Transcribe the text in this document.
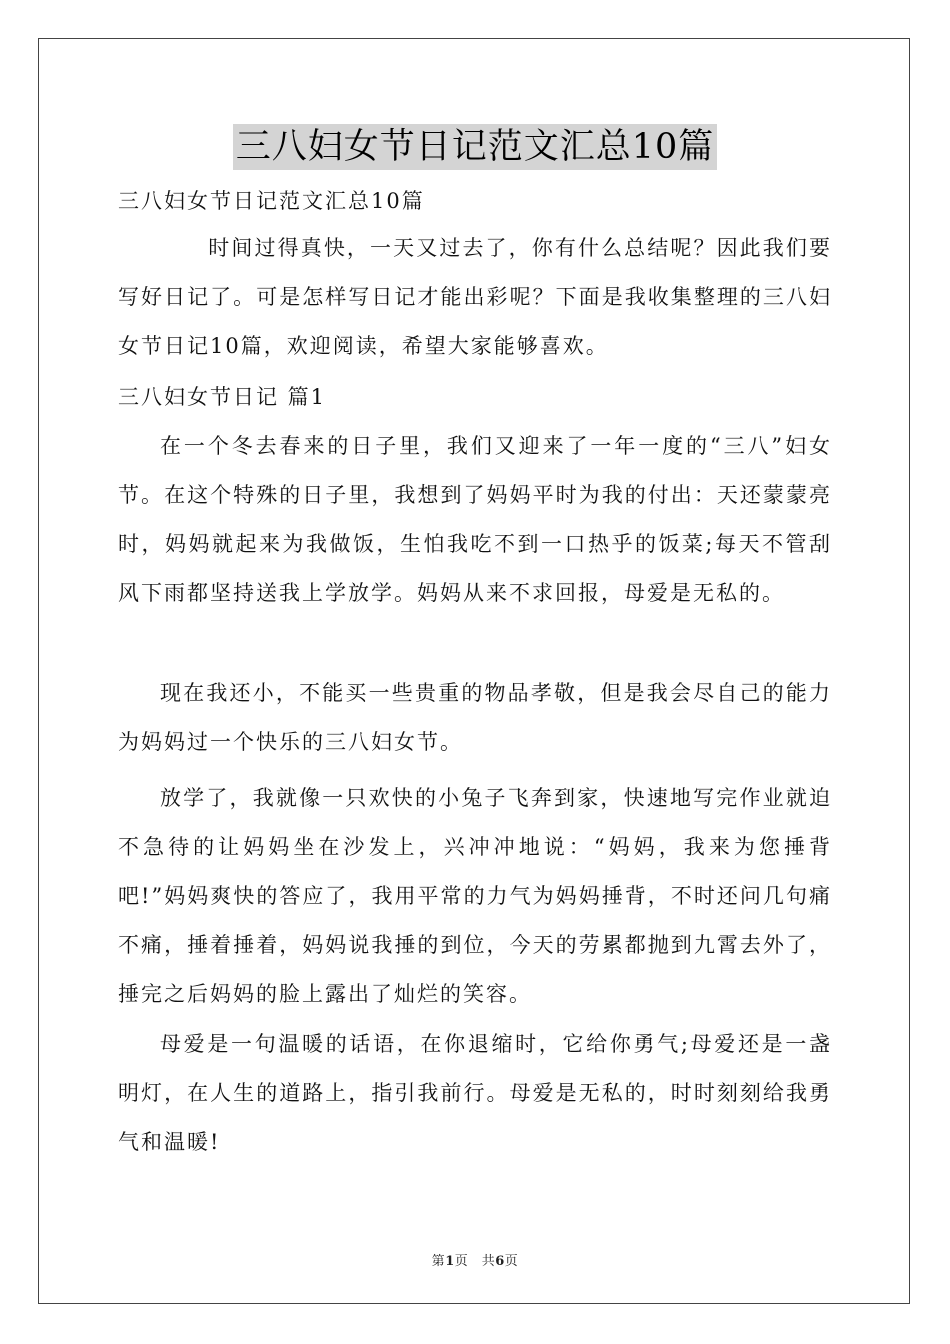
三八妇女节日记范文汇总10篇

三八妇女节日记范文汇总10篇

时间过得真快，一天又过去了，你有什么总结呢？因此我们要写好日记了。可是怎样写日记才能出彩呢？下面是我收集整理的三八妇女节日记10篇，欢迎阅读，希望大家能够喜欢。

三八妇女节日记 篇1

在一个冬去春来的日子里，我们又迎来了一年一度的“三八”妇女节。在这个特殊的日子里，我想到了妈妈平时为我的付出：天还蒙蒙亮时，妈妈就起来为我做饭，生怕我吃不到一口热乎的饭菜;每天不管刮风下雨都坚持送我上学放学。妈妈从来不求回报，母爱是无私的。

现在我还小，不能买一些贵重的物品孝敬，但是我会尽自己的能力为妈妈过一个快乐的三八妇女节。

放学了，我就像一只欢快的小兔子飞奔到家，快速地写完作业就迫不急待的让妈妈坐在沙发上，兴冲冲地说：“妈妈，我来为您捶背吧!”妈妈爽快的答应了，我用平常的力气为妈妈捶背，不时还问几句痛不痛，捶着捶着，妈妈说我捶的到位，今天的劳累都抛到九霄去外了，捶完之后妈妈的脸上露出了灿烂的笑容。

母爱是一句温暖的话语，在你退缩时，它给你勇气;母爱还是一盏明灯，在人生的道路上，指引我前行。母爱是无私的，时时刻刻给我勇气和温暖!

第1页　共6页
